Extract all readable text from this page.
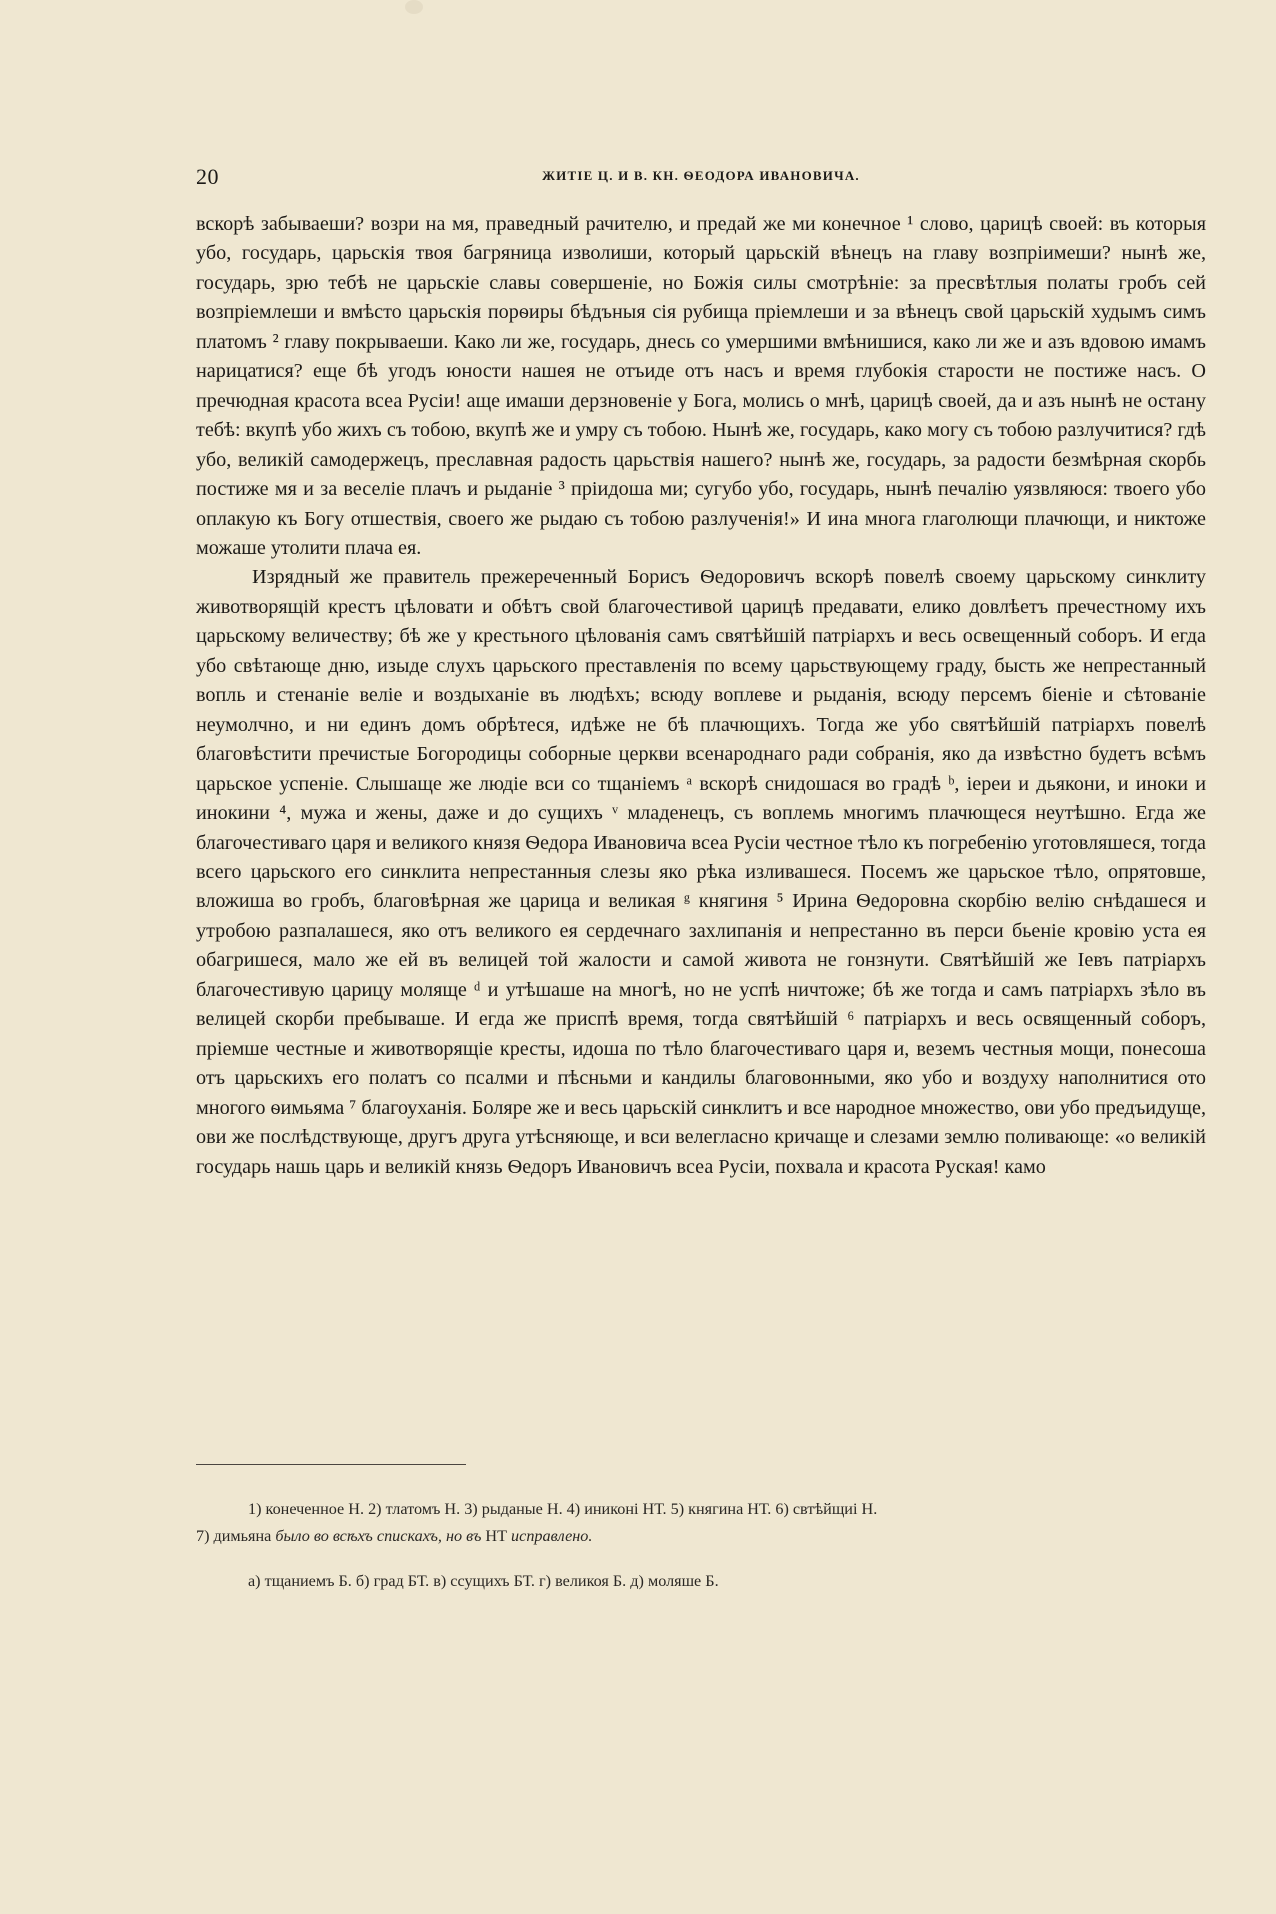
20	ЖИТІЕ Ц. И В. КН. ѲЕОДОРА ИВАНОВИЧА.

вскорѣ забываеши? возри на мя, праведный рачителю, и предай же ми конечное ¹ слово, царицѣ своей: въ которыя убо, государь, царьскія твоя багряница изволиши, который царьскій вѣнецъ на главу возпріимеши? нынѣ же, государь, зрю тебѣ не царьскіе славы совершеніе, но Божія силы смотрѣніе: за пресвѣтлыя полаты гробъ сей возпріемлеши и вмѣсто царьскія порѳиры бѣдъныя сія рубища пріемлеши и за вѣнецъ свой царьскій худымъ симъ платомъ ² главу покрываеши. Како ли же, государь, днесь со умершими вмѣнишися, како ли же и азъ вдовою имамъ нарицатися? еще бѣ угодъ юности нашея не отъиде отъ насъ и время глубокія старости не постиже насъ. О пречюдная красота всеа Русіи! аще имаши дерзновеніе у Бога, молись о мнѣ, царицѣ своей, да и азъ нынѣ не остану тебѣ: вкупѣ убо жихъ съ тобою, вкупѣ же и умру съ тобою. Нынѣ же, государь, како могу съ тобою разлучитися? гдѣ убо, великій самодержецъ, преславная радость царьствія нашего? нынѣ же, государь, за радости безмѣрная скорбь постиже мя и за веселіе плачъ и рыданіе ³ пріидоша ми; сугубо убо, государь, нынѣ печалію уязвляюся: твоего убо оплакую къ Богу отшествія, своего же рыдаю съ тобою разлученія!» И ина многа глаголющи плачющи, и никтоже можаше утолити плача ея.

Изрядный же правитель прежереченный Борисъ Ѳедоровичъ вскорѣ повелѣ своему царьскому синклиту животворящій крестъ цѣловати и обѣтъ свой благочестивой царицѣ предавати, елико довлѣетъ пречестному ихъ царьскому величеству; бѣ же у крестьного цѣлованія самъ святѣйшій патріархъ и весь освещенный соборъ. И егда убо свѣтающе дню, изыде слухъ царьского преставленія по всему царьствующему граду, бысть же непрестанный вопль и стенаніе веліе и воздыханіе въ людѣхъ; всюду воплеве и рыданія, всюду персемъ біеніе и сѣтованіе неумолчно, и ни единъ домъ обрѣтеся, идѣже не бѣ плачющихъ. Тогда же убо святѣйшій патріархъ повелѣ благовѣстити пречистые Богородицы соборные церкви всенароднаго ради собранія, яко да извѣстно будетъ всѣмъ царьское успеніе. Слышаще же людіе вси со тщаніемъ ᵃ вскорѣ снидошася во градѣ ᵇ, іереи и дьякони, и иноки и инокини ⁴, мужа и жены, даже и до сущихъ ᵛ младенецъ, съ воплемь многимъ плачющеся неутѣшно. Егда же благочестиваго царя и великого князя Ѳедора Ивановича всеа Русіи честное тѣло къ погребенію уготовляшеся, тогда всего царьского его синклита непрестанныя слезы яко рѣка изливашеся. Посемъ же царьское тѣло, опрятовше, вложиша во гробъ, благовѣрная же царица и великая ᵍ княгиня ⁵ Ирина Ѳедоровна скорбію велію снѣдашеся и утробою разпалашеся, яко отъ великого ея сердечнаго захлипанія и непрестанно въ перси бьеніе кровію уста ея обагришеся, мало же ей въ велицей той жалости и самой живота не гонзнути. Святѣйшій же Іевъ патріархъ благочестивую царицу моляще ᵈ и утѣшаше на многѣ, но не успѣ ничтоже; бѣ же тогда и самъ патріархъ зѣло въ велицей скорби пребываше. И егда же приспѣ время, тогда святѣйшій ⁶ патріархъ и весь освященный соборъ, пріемше честные и животворящіе кресты, идоша по тѣло благочестиваго царя и, веземъ честныя мощи, понесоша отъ царьскихъ его полатъ со псалми и пѣсньми и кандилы благовонными, яко убо и воздуху наполнитися ото многого ѳимьяма ⁷ благоуханія. Боляре же и весь царьскій синклитъ и все народное множество, ови убо предъидуще, ови же послѣдствующе, другъ друга утѣсняюще, и вси велегласно кричаще и слезами землю поливающе: «о великій государь нашь царь и великій князь Ѳедоръ Ивановичъ всеа Русіи, похвала и красота Руская! камо

1) конеченное Н. 2) тлатомъ Н. 3) рыданые Н. 4) иниконі НТ. 5) княгина НТ. 6) свтѣйщиі Н.

7) димьяна было во всѣхъ спискахъ, но въ НТ исправлено.

а) тщаниемъ Б. б) град БТ. в) ссущихъ БТ. г) великоя Б. д) моляше Б.
